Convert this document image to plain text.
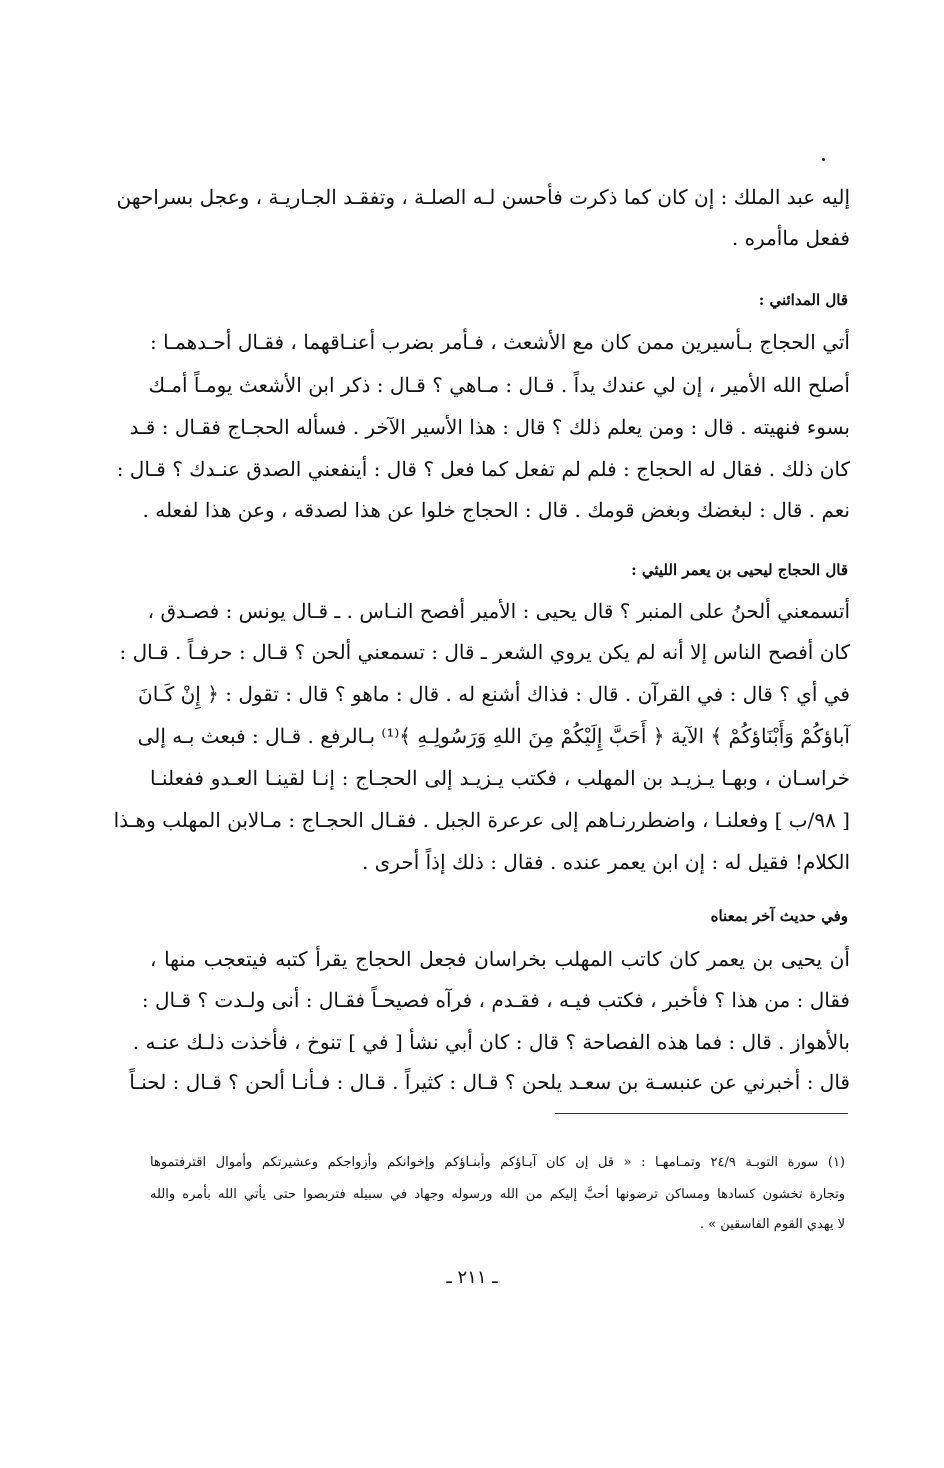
إليه عبد الملك : إن كان كما ذكرت فأحسن لـه الصلـة ، وتفقـد الجـاريـة ، وعجل بسراحهن
ففعل ماأمره .
قال المدائني :
أتي الحجاج بـأسيرين ممن كان مع الأشعث ، فـأمر بضرب أعنـاقهما ، فقـال أحـدهمـا :
أصلح الله الأمير ، إن لي عندك يداً . قـال : مـاهي ؟ قـال : ذكر ابن الأشعث يومـاً أمـك
بسوء فنهيته . قال : ومن يعلم ذلك ؟ قال : هذا الأسير الآخر . فسأله الحجـاج فقـال : قـد
كان ذلك . فقال له الحجاج : فلم لم تفعل كما فعل ؟ قال : أينفعني الصدق عنـدك ؟ قـال :
نعم . قال : لبغضك وبغض قومك . قال : الحجاج خلوا عن هذا لصدقه ، وعن هذا لفعله .
قال الحجاج ليحيى بن يعمر الليثي :
أتسمعني ألحنُ على المنبر ؟ قال يحيى : الأمير أفصح النـاس . ـ قـال يونس : فصـدق ،
كان أفصح الناس إلا أنه لم يكن يروي الشعر ـ قال : تسمعني ألحن ؟ قـال : حرفـاً . قـال :
في أي ؟ قال : في القرآن . قال : فذاك أشنع له . قال : ماهو ؟ قال : تقول : ﴿ إِنْ كَـانَ
آباؤكُمْ وَأَبْنَاؤكُمْ ﴾ الآية ﴿ أَحَبَّ إِلَيْكُمْ مِنَ اللهِ وَرَسُولِـهِ ﴾⁽¹⁾ بـالرفع . قـال : فبعث بـه إلى
خراسـان ، وبهـا يـزيـد بن المهلب ، فكتب يـزيـد إلى الحجـاج : إنـا لقينـا العـدو ففعلنـا
[ ٩٨/ب ] وفعلنـا ، واضطررنـاهم إلى عرعرة الجبل . فقـال الحجـاج : مـالابن المهلب وهـذا
الكلام! فقيل له : إن ابن يعمر عنده . فقال : ذلك إذاً أحرى .
وفي حديث آخر بمعناه
أن يحيى بن يعمر كان كاتب المهلب بخراسان فجعل الحجاج يقرأ كتبه فيتعجب منها ،
فقال : من هذا ؟ فأخبر ، فكتب فيـه ، فقـدم ، فرآه فصيحـاً فقـال : أنى ولـدت ؟ قـال :
بالأهواز . قال : فما هذه الفصاحة ؟ قال : كان أبي نشأ [ في ] تنوخ ، فأخذت ذلـك عنـه .
قال : أخبرني عن عنبسـة بن سعـد يلحن ؟ قـال : كثيراً . قـال : فـأنـا ألحن ؟ قـال : لحنـاً
(١) سورة التوبـة ٢٤/٩ وتمـامهـا : « قل إن كان آبـاؤكم وأبنـاؤكم وإخوانكم وأزواجكم وعشيرتكم وأموال اقترفتموها
وتجارة تخشون كسادها ومساكن ترضونها أحبَّ إليكم من الله ورسوله وجهاد في سبيله فتربصوا حتى يأتي الله بأمره والله
لا يهدي القوم الفاسقين » .
ـ ٢١١ ـ
